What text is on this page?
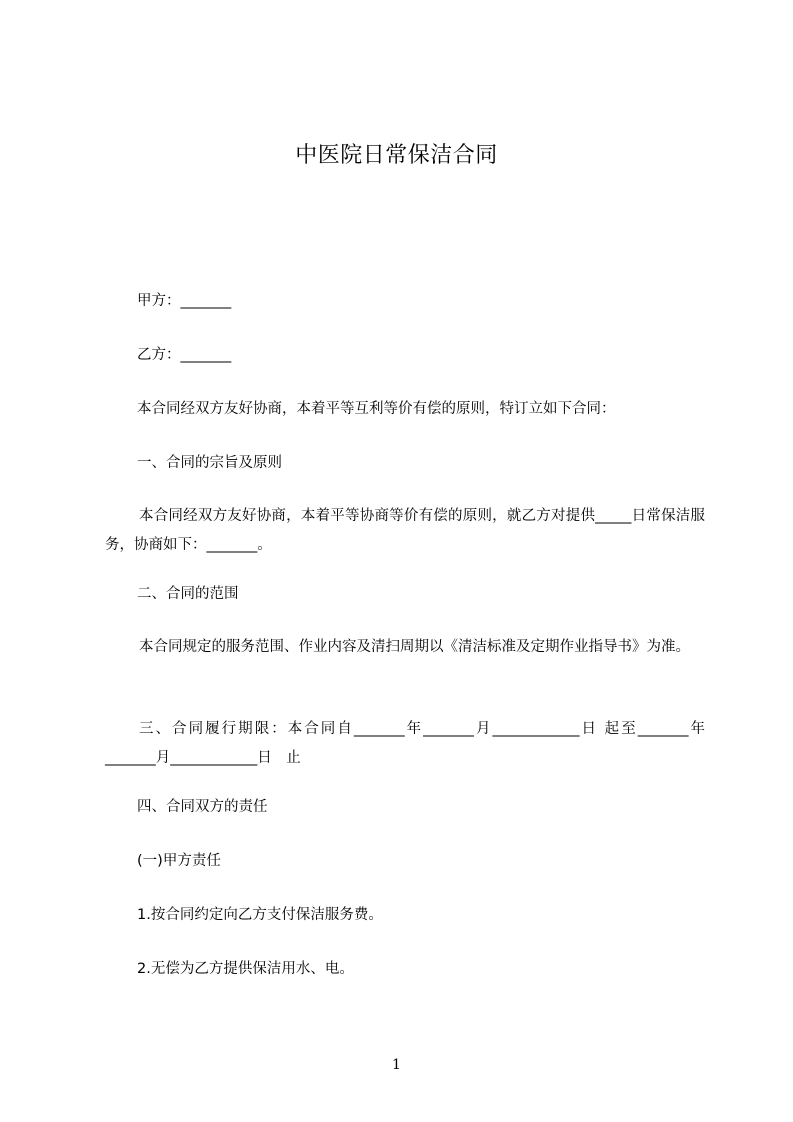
中医院日常保洁合同
甲方：_______
乙方：_______
本合同经双方友好协商，本着平等互利等价有偿的原则，特订立如下合同：
一、合同的宗旨及原则
本合同经双方友好协商，本着平等协商等价有偿的原则，就乙方对提供_____日常保洁服务，协商如下：_______。
二、合同的范围
本合同规定的服务范围、作业内容及清扫周期以《清洁标准及定期作业指导书》为准。
三、合同履行期限：本合同自_______年_______月____________日 起至_______年_______月____________日　止
四、合同双方的责任
(一)甲方责任
1.按合同约定向乙方支付保洁服务费。
2.无偿为乙方提供保洁用水、电。
1
